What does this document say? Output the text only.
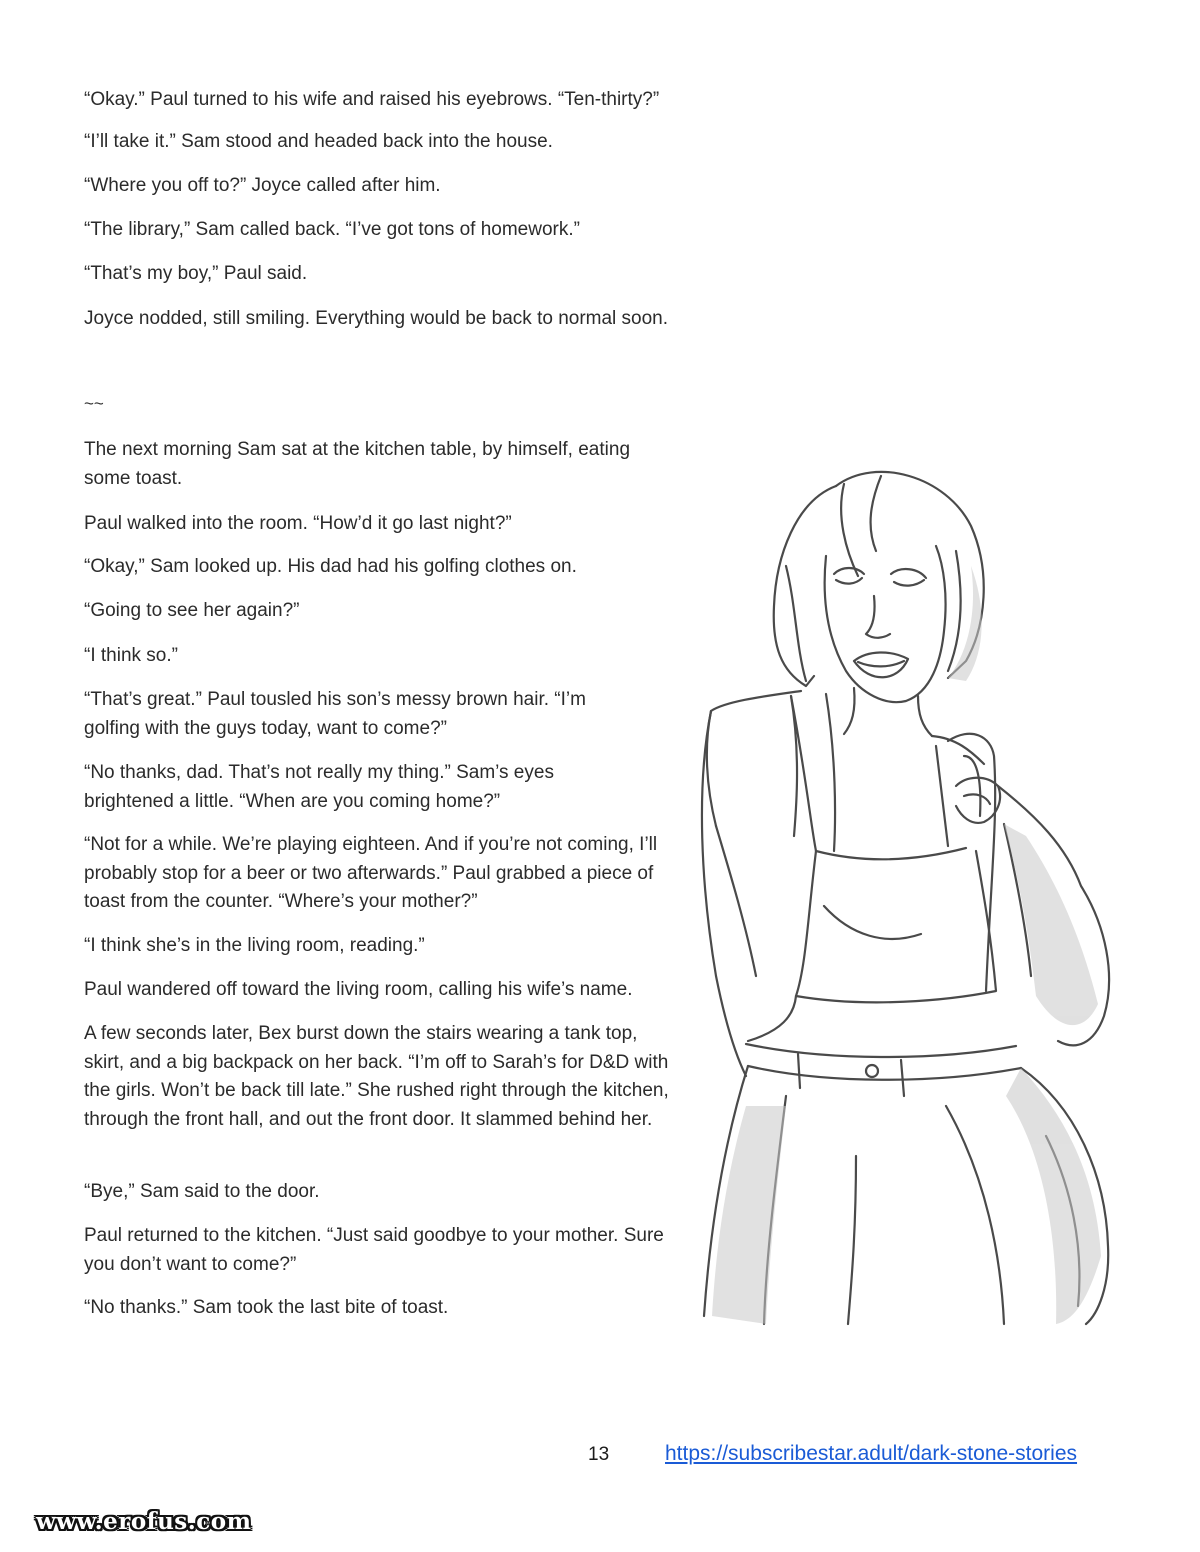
“Okay.” Paul turned to his wife and raised his eyebrows. “Ten-thirty?”

“I’ll take it.” Sam stood and headed back into the house.

“Where you off to?” Joyce called after him.

“The library,” Sam called back. “I’ve got tons of homework.”

“That’s my boy,” Paul said.

Joyce nodded, still smiling. Everything would be back to normal soon.

~~

The next morning Sam sat at the kitchen table, by himself, eating some toast.

Paul walked into the room. “How’d it go last night?”

“Okay,” Sam looked up. His dad had his golfing clothes on.

“Going to see her again?”

“I think so.”

“That’s great.” Paul tousled his son’s messy brown hair. “I’m golfing with the guys today, want to come?”

“No thanks, dad. That’s not really my thing.” Sam’s eyes brightened a little. “When are you coming home?”

“Not for a while. We’re playing eighteen. And if you’re not coming, I’ll probably stop for a beer or two afterwards.” Paul grabbed a piece of toast from the counter. “Where’s your mother?”

“I think she’s in the living room, reading.”

Paul wandered off toward the living room, calling his wife’s name.

A few seconds later, Bex burst down the stairs wearing a tank top, skirt, and a big backpack on her back. “I’m off to Sarah’s for D&D with the girls. Won’t be back till late.” She rushed right through the kitchen, through the front hall, and out the front door. It slammed behind her.

“Bye,” Sam said to the door.

Paul returned to the kitchen. “Just said goodbye to your mother. Sure you don’t want to come?”

“No thanks.” Sam took the last bite of toast.

13	https://subscribestar.adult/dark-stone-stories
www.erofus.com
